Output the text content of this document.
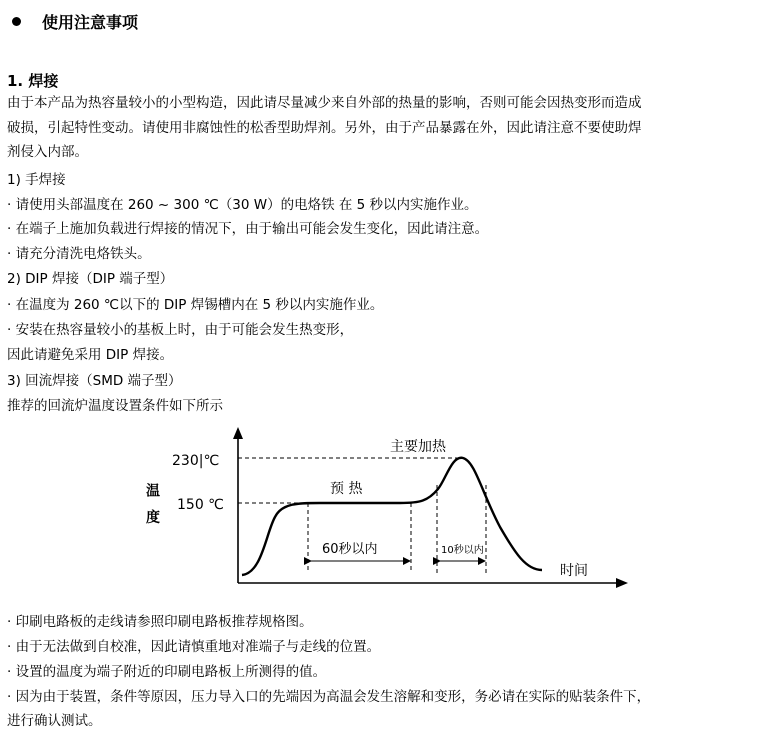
使用注意事项
1. 焊接
由于本产品为热容量较小的小型构造，因此请尽量减少来自外部的热量的影响，否则可能会因热变形而造成
破损，引起特性变动。请使用非腐蚀性的松香型助焊剂。另外，由于产品暴露在外，因此请注意不要使助焊
剂侵入内部。
1) 手焊接
· 请使用头部温度在 260 ~ 300 ℃（30 W）的电烙铁 在 5 秒以内实施作业。
· 在端子上施加负载进行焊接的情况下，由于输出可能会发生变化，因此请注意。
· 请充分清洗电烙铁头。
2) DIP 焊接（DIP 端子型）
· 在温度为 260 ℃以下的 DIP 焊锡槽内在 5 秒以内实施作业。
· 安装在热容量较小的基板上时，由于可能会发生热变形，
因此请避免采用 DIP 焊接。
3) 回流焊接（SMD 端子型）
推荐的回流炉温度设置条件如下所示
230|℃
150 ℃
温 度
主要加热
预 热
60秒以内	10秒以内
时间
· 印刷电路板的走线请参照印刷电路板推荐规格图。
· 由于无法做到自校准，因此请慎重地对准端子与走线的位置。
· 设置的温度为端子附近的印刷电路板上所测得的值。
· 因为由于装置，条件等原因，压力导入口的先端因为高温会发生溶解和变形，务必请在实际的贴装条件下，
进行确认测试。
